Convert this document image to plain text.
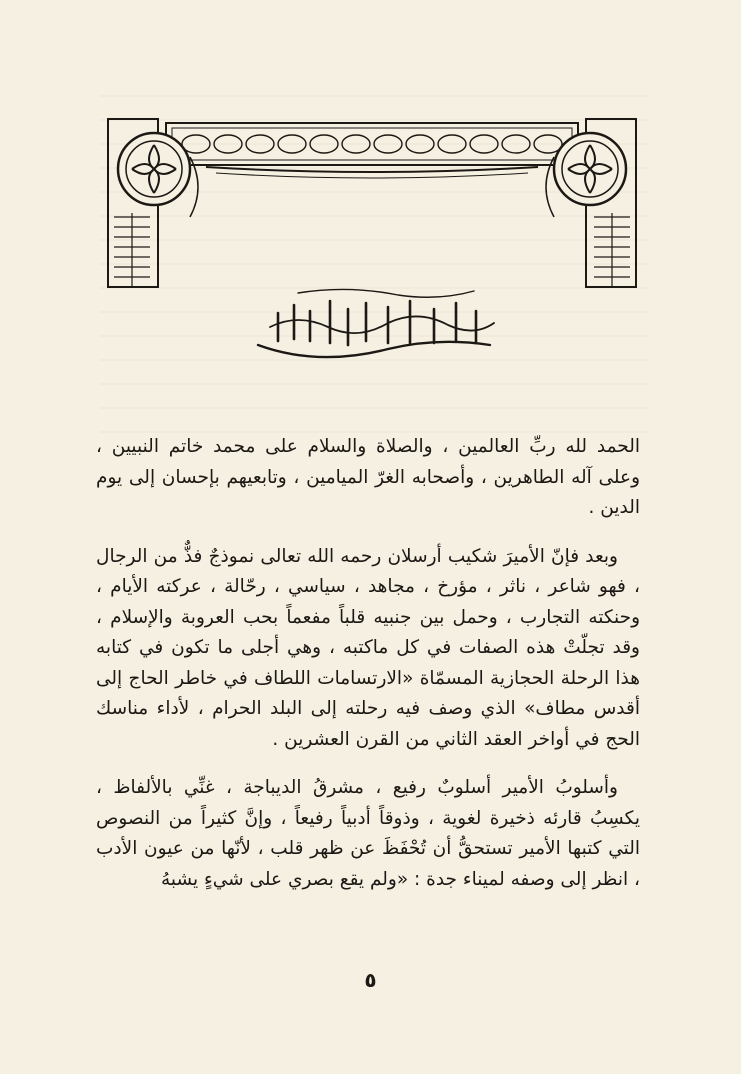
الحمد لله ربِّ العالمين ، والصلاة والسلام على محمد خاتم النبيين ، وعلى آله الطاهرين ، وأصحابه الغرّ الميامين ، وتابعيهم بإحسان إلى يوم الدين .

وبعد فإنّ الأميرَ شكيب أرسلان رحمه الله تعالى نموذجٌ فذٌّ من الرجال ، فهو شاعر ، ناثر ، مؤرخ ، مجاهد ، سياسي ، رحّالة ، عركته الأيام ، وحنكته التجارب ، وحمل بين جنبيه قلباً مفعماً بحب العروبة والإسلام ، وقد تجلّتْ هذه الصفات في كل ماكتبه ، وهي أجلى ما تكون في كتابه هذا الرحلة الحجازية المسمّاة «الارتسامات اللطاف في خاطر الحاج إلى أقدس مطاف» الذي وصف فيه رحلته إلى البلد الحرام ، لأداء مناسك الحج في أواخر العقد الثاني من القرن العشرين .

وأسلوبُ الأمير أسلوبٌ رفيع ، مشرقُ الديباجة ، غنِّي بالألفاظ ، يكسِبُ قارئه ذخيرة لغوية ، وذوقاً أدبياً رفيعاً ، وإنَّ كثيراً من النصوص التي كتبها الأمير تستحقُّ أن تُحْفَظَ عن ظهر قلب ، لأنّها من عيون الأدب ، انظر إلى وصفه لميناء جدة : «ولم يقع بصري على شيءٍ يشبهُ

٥
